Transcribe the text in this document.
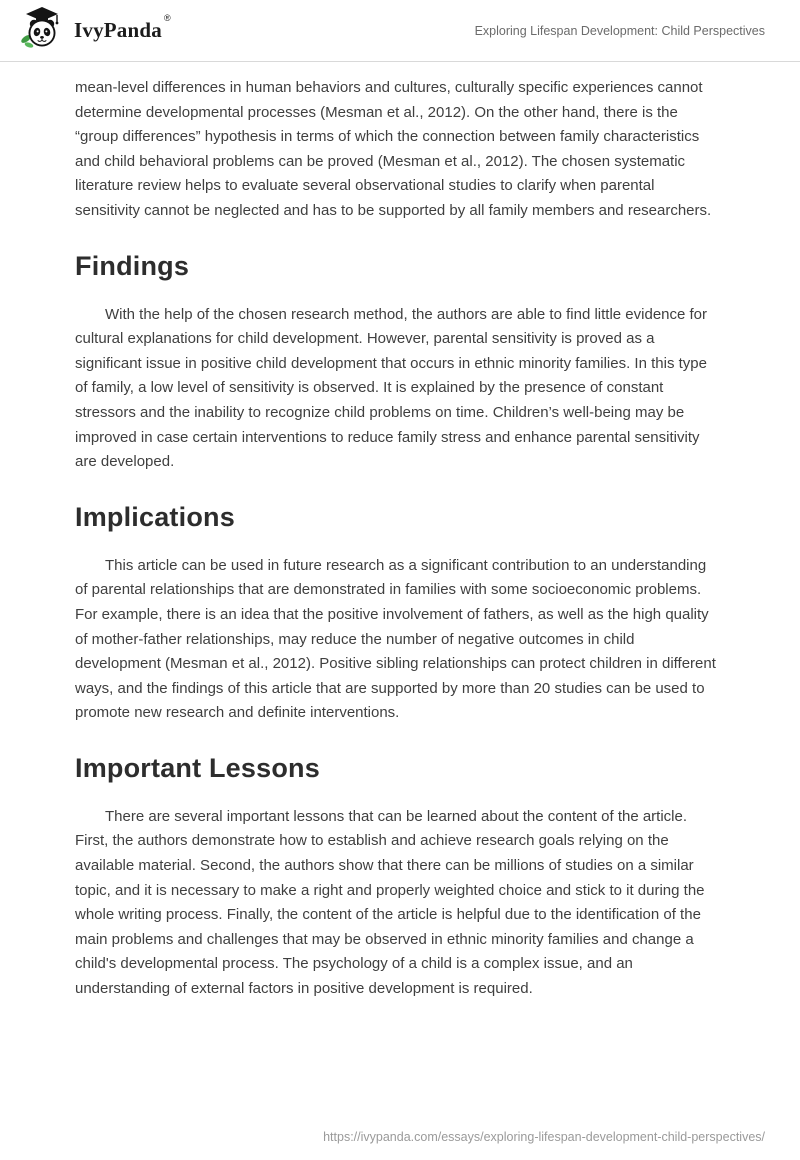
IvyPanda®
Exploring Lifespan Development: Child Perspectives

mean-level differences in human behaviors and cultures, culturally specific experiences cannot determine developmental processes (Mesman et al., 2012). On the other hand, there is the “group differences” hypothesis in terms of which the connection between family characteristics and child behavioral problems can be proved (Mesman et al., 2012). The chosen systematic literature review helps to evaluate several observational studies to clarify when parental sensitivity cannot be neglected and has to be supported by all family members and researchers.

Findings

With the help of the chosen research method, the authors are able to find little evidence for cultural explanations for child development. However, parental sensitivity is proved as a significant issue in positive child development that occurs in ethnic minority families. In this type of family, a low level of sensitivity is observed. It is explained by the presence of constant stressors and the inability to recognize child problems on time. Children’s well-being may be improved in case certain interventions to reduce family stress and enhance parental sensitivity are developed.

Implications

This article can be used in future research as a significant contribution to an understanding of parental relationships that are demonstrated in families with some socioeconomic problems. For example, there is an idea that the positive involvement of fathers, as well as the high quality of mother-father relationships, may reduce the number of negative outcomes in child development (Mesman et al., 2012). Positive sibling relationships can protect children in different ways, and the findings of this article that are supported by more than 20 studies can be used to promote new research and definite interventions.

Important Lessons

There are several important lessons that can be learned about the content of the article. First, the authors demonstrate how to establish and achieve research goals relying on the available material. Second, the authors show that there can be millions of studies on a similar topic, and it is necessary to make a right and properly weighted choice and stick to it during the whole writing process. Finally, the content of the article is helpful due to the identification of the main problems and challenges that may be observed in ethnic minority families and change a child's developmental process. The psychology of a child is a complex issue, and an understanding of external factors in positive development is required.

https://ivypanda.com/essays/exploring-lifespan-development-child-perspectives/
